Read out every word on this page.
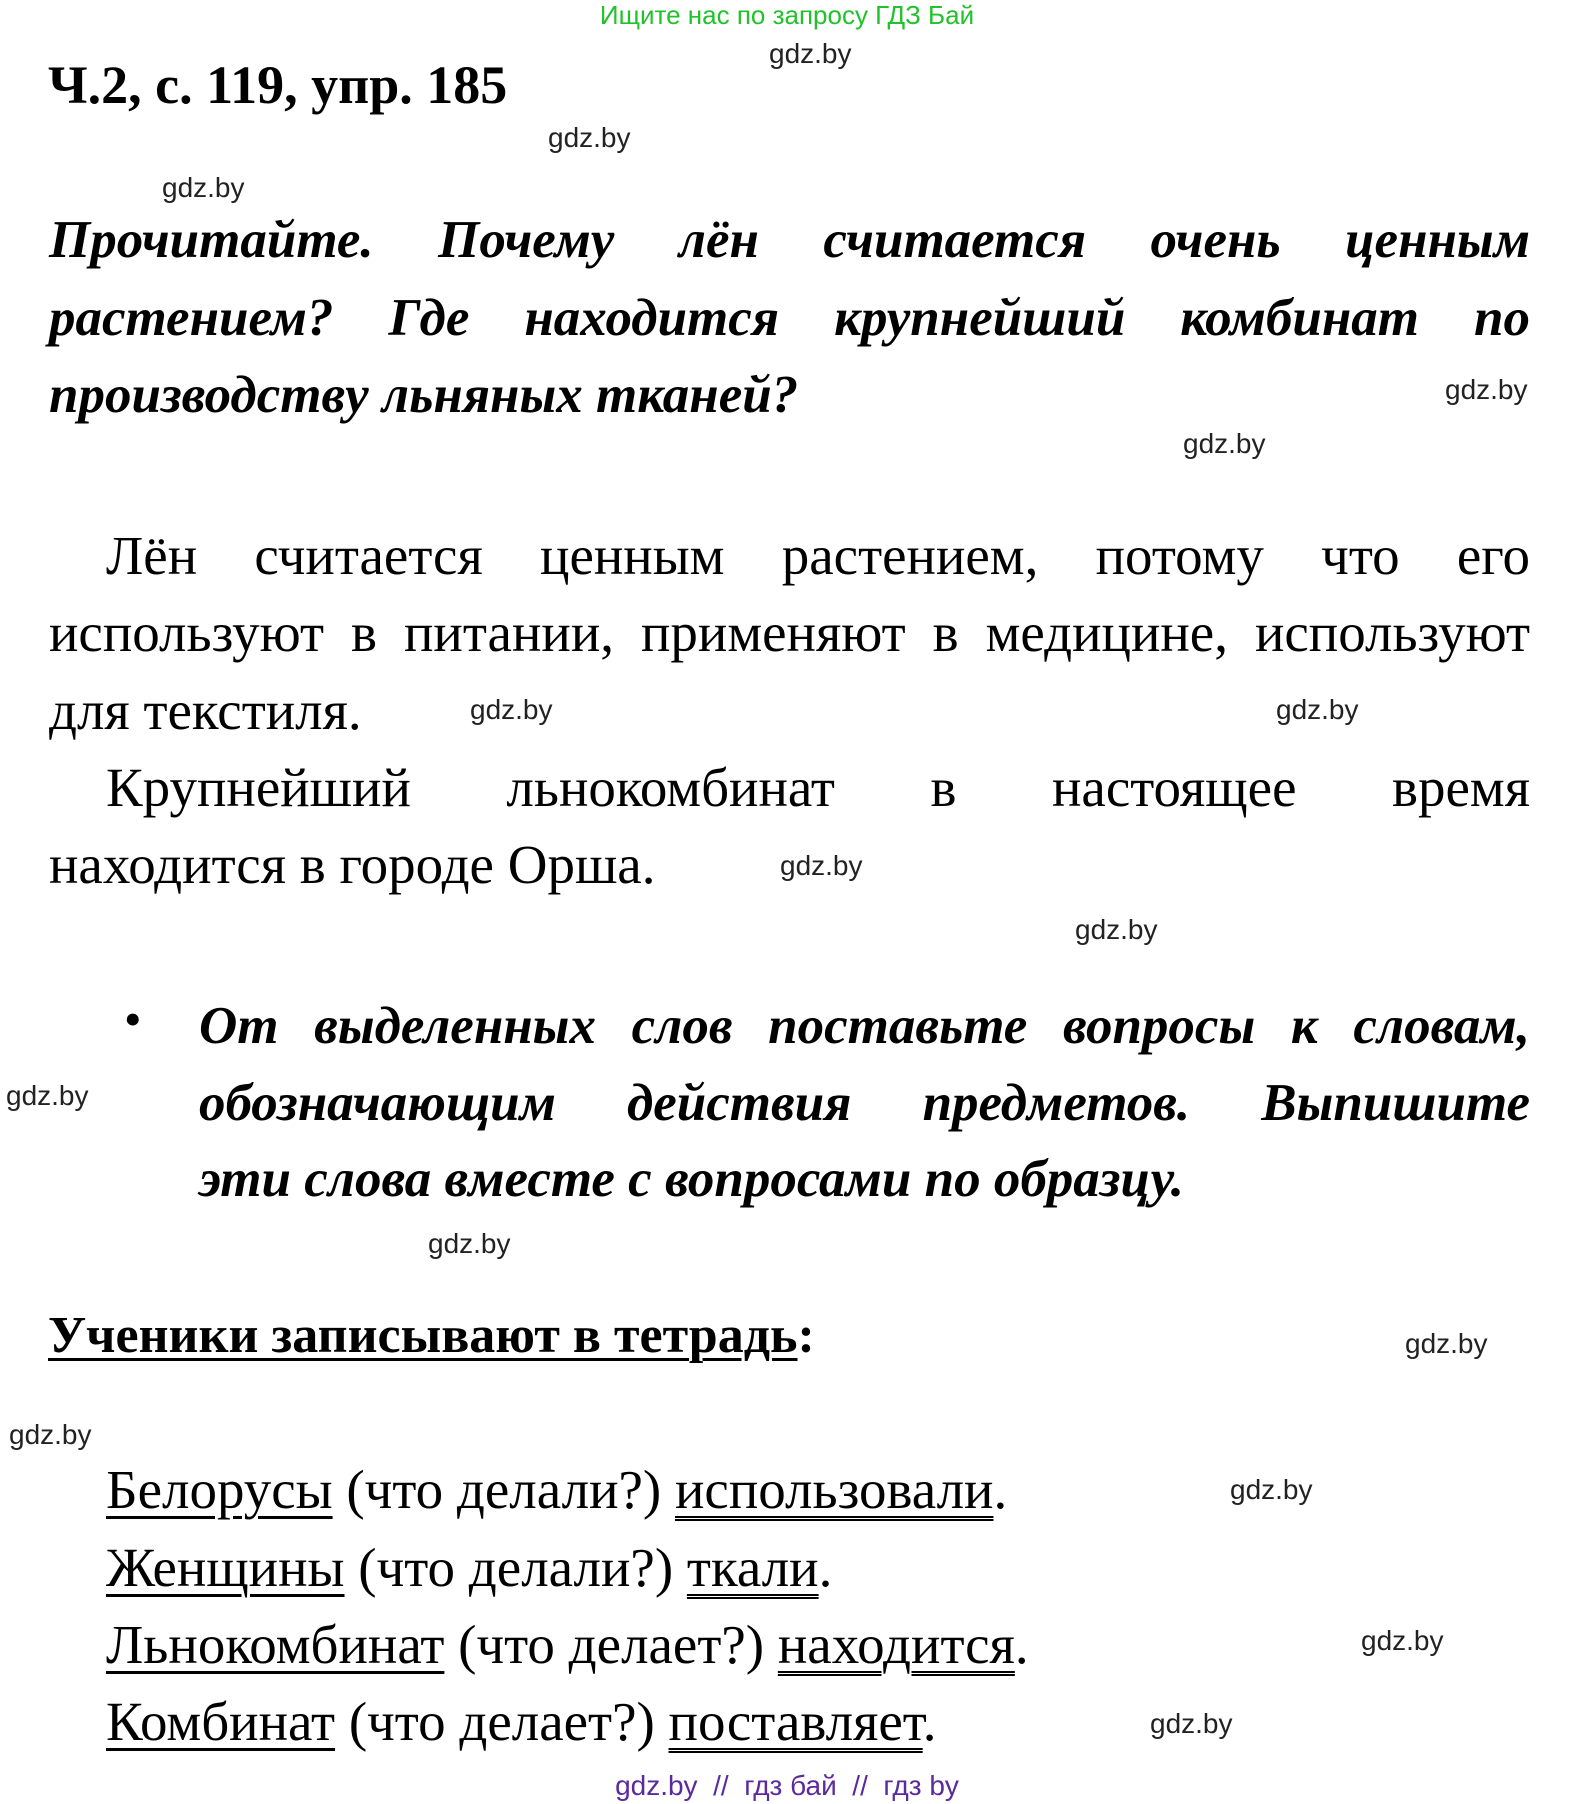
Ищите нас по запросу ГДЗ Бай
Ч.2, с. 119, упр. 185
Прочитайте. Почему лён считается очень ценным
растением? Где находится крупнейший комбинат по
производству льняных тканей?
Лён считается ценным растением, потому что его
используют в питании, применяют в медицине, используют
для текстиля.
Крупнейший льнокомбинат в настоящее время
находится в городе Орша.
• От выделенных слов поставьте вопросы к словам,
обозначающим действия предметов. Выпишите
эти слова вместе с вопросами по образцу.
Ученики записывают в тетрадь:
Белорусы (что делали?) использовали.
Женщины (что делали?) ткали.
Льнокомбинат (что делает?) находится.
Комбинат (что делает?) поставляет.
gdz.by
gdz.by
gdz.by
gdz.by
gdz.by
gdz.by	gdz.by
gdz.by
gdz.by
gdz.by
gdz.by
gdz.by
gdz.by
gdz.by
gdz.by
gdz.by
gdz.by  //  гдз бай  //  гдз by
